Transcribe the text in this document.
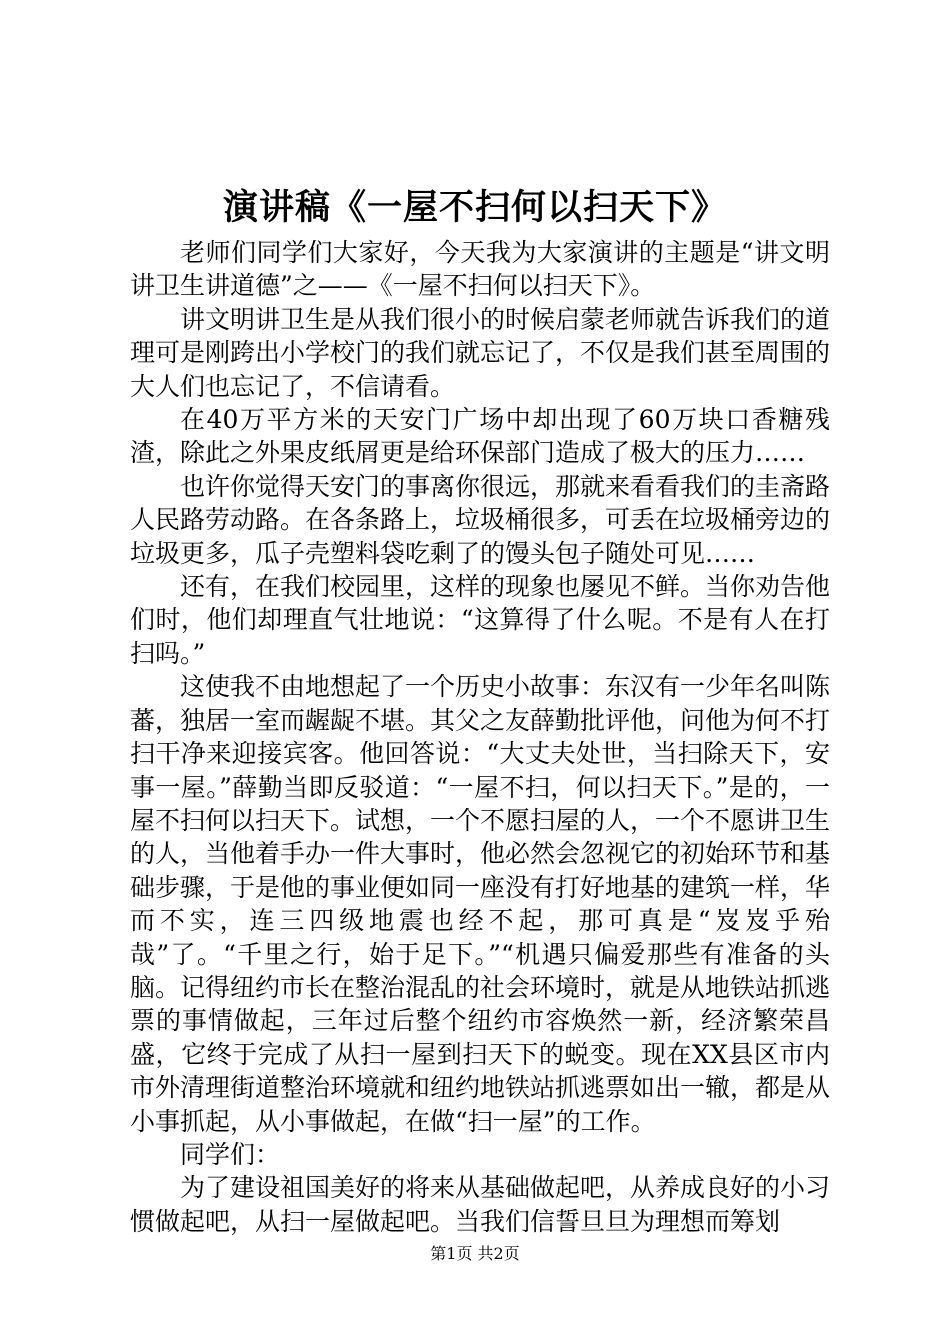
演讲稿《一屋不扫何以扫天下》

老师们同学们大家好，今天我为大家演讲的主题是“讲文明讲卫生讲道德”之——《一屋不扫何以扫天下》。

讲文明讲卫生是从我们很小的时候启蒙老师就告诉我们的道理可是刚跨出小学校门的我们就忘记了，不仅是我们甚至周围的大人们也忘记了，不信请看。

在40万平方米的天安门广场中却出现了60万块口香糖残渣，除此之外果皮纸屑更是给环保部门造成了极大的压力……

也许你觉得天安门的事离你很远，那就来看看我们的圭斋路人民路劳动路。在各条路上，垃圾桶很多，可丢在垃圾桶旁边的垃圾更多，瓜子壳塑料袋吃剩了的馒头包子随处可见……

还有，在我们校园里，这样的现象也屡见不鲜。当你劝告他们时，他们却理直气壮地说：“这算得了什么呢。不是有人在打扫吗。”

这使我不由地想起了一个历史小故事：东汉有一少年名叫陈蕃，独居一室而龌龊不堪。其父之友薛勤批评他，问他为何不打扫干净来迎接宾客。他回答说：“大丈夫处世，当扫除天下，安事一屋。”薛勤当即反驳道：“一屋不扫，何以扫天下。”是的，一屋不扫何以扫天下。试想，一个不愿扫屋的人，一个不愿讲卫生的人，当他着手办一件大事时，他必然会忽视它的初始环节和基础步骤，于是他的事业便如同一座没有打好地基的建筑一样，华而不实，连三四级地震也经不起，那可真是“岌岌乎殆哉”了。“千里之行，始于足下。”“机遇只偏爱那些有准备的头脑。记得纽约市长在整治混乱的社会环境时，就是从地铁站抓逃票的事情做起，三年过后整个纽约市容焕然一新，经济繁荣昌盛，它终于完成了从扫一屋到扫天下的蜕变。现在XX县区市内市外清理街道整治环境就和纽约地铁站抓逃票如出一辙，都是从小事抓起，从小事做起，在做“扫一屋”的工作。

同学们：

为了建设祖国美好的将来从基础做起吧，从养成良好的小习惯做起吧，从扫一屋做起吧。当我们信誓旦旦为理想而筹划

第1页 共2页
